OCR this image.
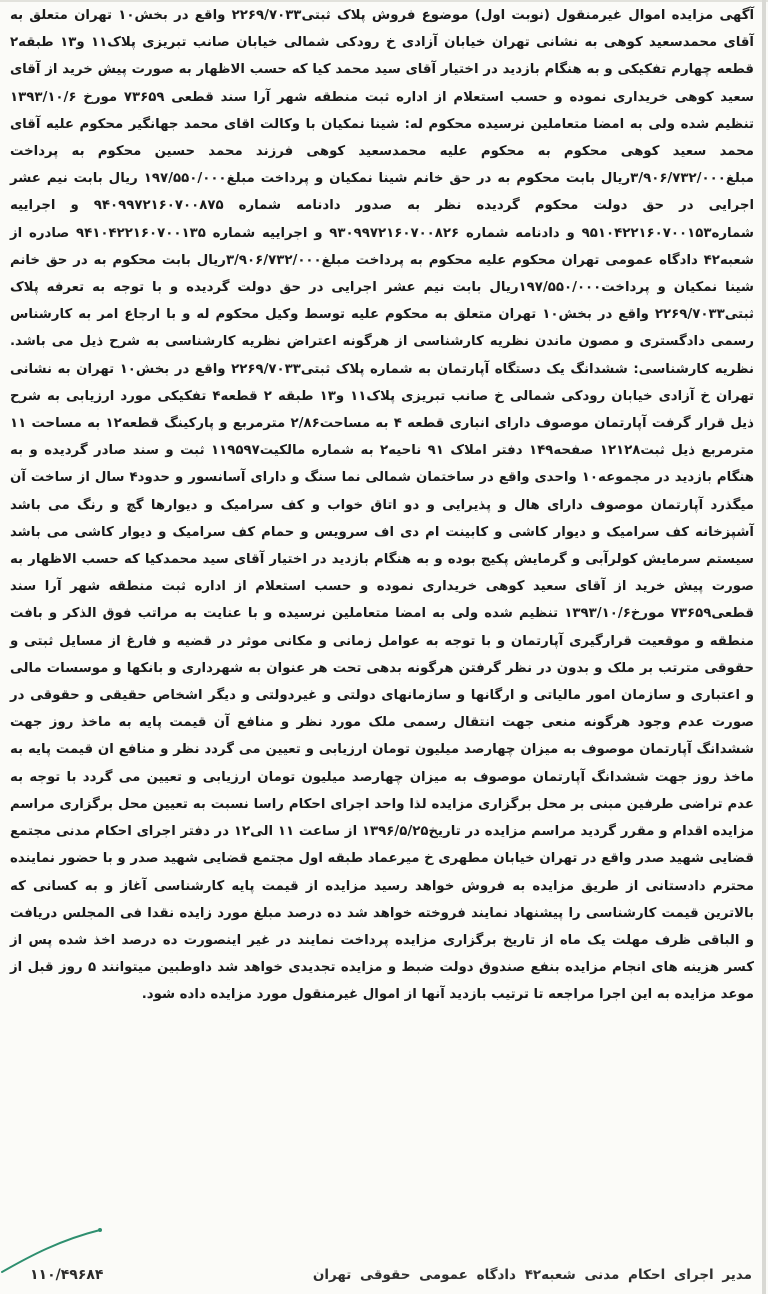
آگهی مزایده اموال غیرمنقول (نوبت اول) موضوع فروش پلاک ثبتی۲۲۶۹/۷۰۳۳ واقع در بخش۱۰ تهران متعلق به آقای محمدسعید کوهی به نشانی تهران خیابان آزادی خ رودکی شمالی خیابان صانب تبریزی پلاک۱۱ و۱۳ طبقه۲ قطعه چهارم تفکیکی و به هنگام بازدید در اختیار آقای سید محمد کیا که حسب الاظهار به صورت پیش خرید از آقای سعید کوهی خریداری نموده و حسب استعلام از اداره ثبت منطقه شهر آرا سند قطعی ۷۳۶۵۹ مورخ ۱۳۹۳/۱۰/۶ تنظیم شده ولی به امضا متعاملین نرسیده محکوم له: شینا نمکیان با وکالت اقای محمد جهانگیر محکوم علیه آقای محمد سعید کوهی محکوم به محکوم علیه محمدسعید کوهی فرزند محمد حسین محکوم به پرداخت مبلغ۳/۹۰۶/۷۳۲/۰۰۰ریال بابت محکوم به در حق خانم شینا نمکیان و پرداخت مبلغ۱۹۷/۵۵۰/۰۰۰ ریال بابت نیم عشر اجرایی در حق دولت محکوم گردیده نظر به صدور دادنامه شماره ۹۴۰۹۹۷۲۱۶۰۷۰۰۸۷۵ و اجراییه شماره۹۵۱۰۴۲۲۱۶۰۷۰۰۱۵۳ و دادنامه شماره ۹۳۰۹۹۷۲۱۶۰۷۰۰۸۲۶ و اجراییه شماره ۹۴۱۰۴۲۲۱۶۰۷۰۰۱۳۵ صادره از شعبه۴۲ دادگاه عمومی تهران محکوم علیه محکوم به پرداخت مبلغ۳/۹۰۶/۷۳۲/۰۰۰ریال بابت محکوم به در حق خانم شینا نمکیان و پرداخت۱۹۷/۵۵۰/۰۰۰ریال بابت نیم عشر اجرایی در حق دولت گردیده و با توجه به تعرفه پلاک ثبتی۲۲۶۹/۷۰۳۳ واقع در بخش۱۰ تهران متعلق به محکوم علیه توسط وکیل محکوم له و با ارجاع امر به کارشناس رسمی دادگستری و مصون ماندن نظریه کارشناسی از هرگونه اعتراض نظریه کارشناسی به شرح ذیل می باشد. نظریه کارشناسی: ششدانگ یک دستگاه آپارتمان به شماره پلاک ثبتی۲۲۶۹/۷۰۳۳ واقع در بخش۱۰ تهران به نشانی تهران خ آزادی خیابان رودکی شمالی خ صانب تبریزی پلاک۱۱ و۱۳ طبقه ۲ قطعه۴ تفکیکی مورد ارزیابی به شرح ذیل قرار گرفت آپارتمان موصوف دارای انباری قطعه ۴ به مساحت۲/۸۶ مترمربع و پارکینگ قطعه۱۲ به مساحت ۱۱ مترمربع ذیل ثبت۱۲۱۲۸ صفحه۱۴۹ دفتر املاک ۹۱ ناحیه۲ به شماره مالکیت۱۱۹۵۹۷ ثبت و سند صادر گردیده و به هنگام بازدید در مجموعه۱۰ واحدی واقع در ساختمان شمالی نما سنگ و دارای آسانسور و حدود۴ سال از ساخت آن میگذرد آپارتمان موصوف دارای هال و پذیرایی و دو اتاق خواب و کف سرامیک و دیوارها گچ و رنگ می باشد آشپزخانه کف سرامیک و دیوار کاشی و کابینت ام دی اف سرویس و حمام کف سرامیک و دیوار کاشی می باشد سیستم سرمایش کولرآبی و گرمایش پکیج بوده و به هنگام بازدید در اختیار آقای سید محمدکیا که حسب الاظهار به صورت پیش خرید از آقای سعید کوهی خریداری نموده و حسب استعلام از اداره ثبت منطقه شهر آرا سند قطعی۷۳۶۵۹ مورخ۱۳۹۳/۱۰/۶ تنظیم شده ولی به امضا متعاملین نرسیده و با عنایت به مراتب فوق الذکر و بافت منطقه و موقعیت قرارگیری آپارتمان و با توجه به عوامل زمانی و مکانی موثر در قضیه و فارغ از مسایل ثبتی و حقوقی مترتب بر ملک و بدون در نظر گرفتن هرگونه بدهی تحت هر عنوان به شهرداری و بانکها و موسسات مالی و اعتباری و سازمان امور مالیاتی و ارگانها و سازمانهای دولتی و غیردولتی و دیگر اشخاص حقیقی و حقوقی در صورت عدم وجود هرگونه منعی جهت انتقال رسمی ملک مورد نظر و منافع آن قیمت پایه به ماخذ روز جهت ششدانگ آپارتمان موصوف به میزان چهارصد میلیون تومان ارزیابی و تعیین می گردد نظر و منافع ان قیمت پایه به ماخذ روز جهت ششدانگ آپارتمان موصوف به میزان چهارصد میلیون تومان ارزیابی و تعیین می گردد با توجه به عدم تراضی طرفین مبنی بر محل برگزاری مزایده لذا واحد اجرای احکام راسا نسبت به تعیین محل برگزاری مراسم مزایده اقدام و مقرر گردید مراسم مزایده در تاریخ۱۳۹۶/۵/۲۵ از ساعت ۱۱ الی۱۲ در دفتر اجرای احکام مدنی مجتمع قضایی شهید صدر واقع در تهران خیابان مطهری خ میرعماد طبقه اول مجتمع قضایی شهید صدر و با حضور نماینده محترم دادستانی از طریق مزایده به فروش خواهد رسید مزایده از قیمت پایه کارشناسی آغاز و به کسانی که بالاترین قیمت کارشناسی را پیشنهاد نمایند فروخته خواهد شد ده درصد مبلغ مورد زایده نقدا فی المجلس دریافت و الباقی ظرف مهلت یک ماه از تاریخ برگزاری مزایده پرداخت نمایند در غیر اینصورت ده درصد اخذ شده پس از کسر هزینه های انجام مزایده بنفع صندوق دولت ضبط و مزایده تجدیدی خواهد شد داوطبین میتوانند ۵ روز قبل از موعد مزایده به این اجرا مراجعه تا ترتیب بازدید آنها از اموال غیرمنقول مورد مزایده داده شود.

مدیر اجرای احکام مدنی شعبه۴۲ دادگاه عمومی حقوقی تهران
۱۱۰/۴۹۶۸۴
